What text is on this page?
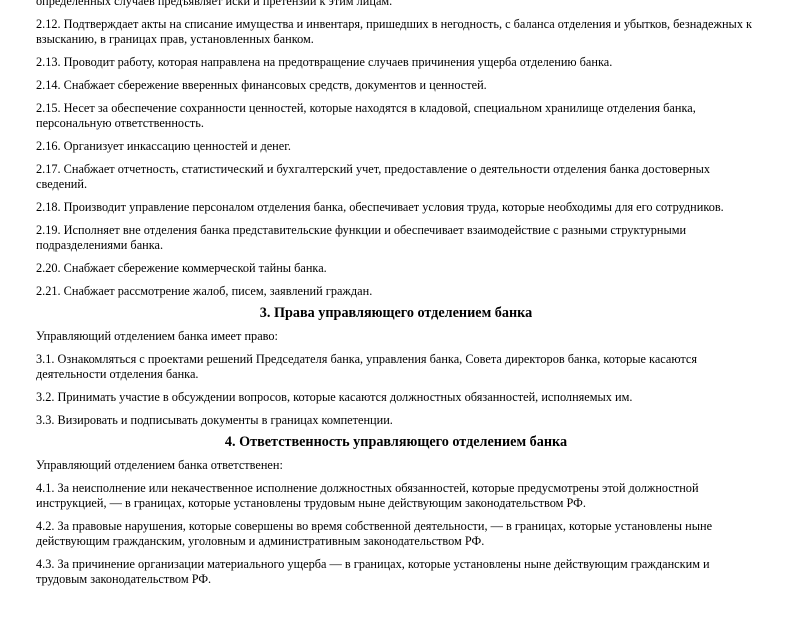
определенных случаев предъявляет иски и претензии к этим лицам.

2.12. Подтверждает акты на списание имущества и инвентаря, пришедших в негодность, с баланса отделения и убытков, безнадежных к взысканию, в границах прав, установленных банком.

2.13. Проводит работу, которая направлена на предотвращение случаев причинения ущерба отделению банка.

2.14. Снабжает сбережение вверенных финансовых средств, документов и ценностей.

2.15. Несет за обеспечение сохранности ценностей, которые находятся в кладовой, специальном хранилище отделения банка, персональную ответственность.

2.16. Организует инкассацию ценностей и денег.

2.17. Снабжает отчетность, статистический и бухгалтерский учет, предоставление о деятельности отделения банка достоверных сведений.

2.18. Производит управление персоналом отделения банка, обеспечивает условия труда, которые необходимы для его сотрудников.

2.19. Исполняет вне отделения банка представительские функции и обеспечивает взаимодействие с разными структурными подразделениями банка.

2.20. Снабжает сбережение коммерческой тайны банка.

2.21. Снабжает рассмотрение жалоб, писем, заявлений граждан.

3. Права управляющего отделением банка

Управляющий отделением банка имеет право:

3.1. Ознакомляться с проектами решений Председателя банка, управления банка, Совета директоров банка, которые касаются деятельности отделения банка.

3.2. Принимать участие в обсуждении вопросов, которые касаются должностных обязанностей, исполняемых им.

3.3. Визировать и подписывать документы в границах компетенции.

4. Ответственность управляющего отделением банка

Управляющий отделением банка ответственен:

4.1. За неисполнение или некачественное исполнение должностных обязанностей, которые предусмотрены этой должностной инструкцией, — в границах, которые установлены трудовым ныне действующим законодательством РФ.

4.2. За правовые нарушения, которые совершены во время собственной деятельности, — в границах, которые установлены ныне действующим гражданским, уголовным и административным законодательством РФ.

4.3. За причинение организации материального ущерба — в границах, которые установлены ныне действующим гражданским и трудовым законодательством РФ.
